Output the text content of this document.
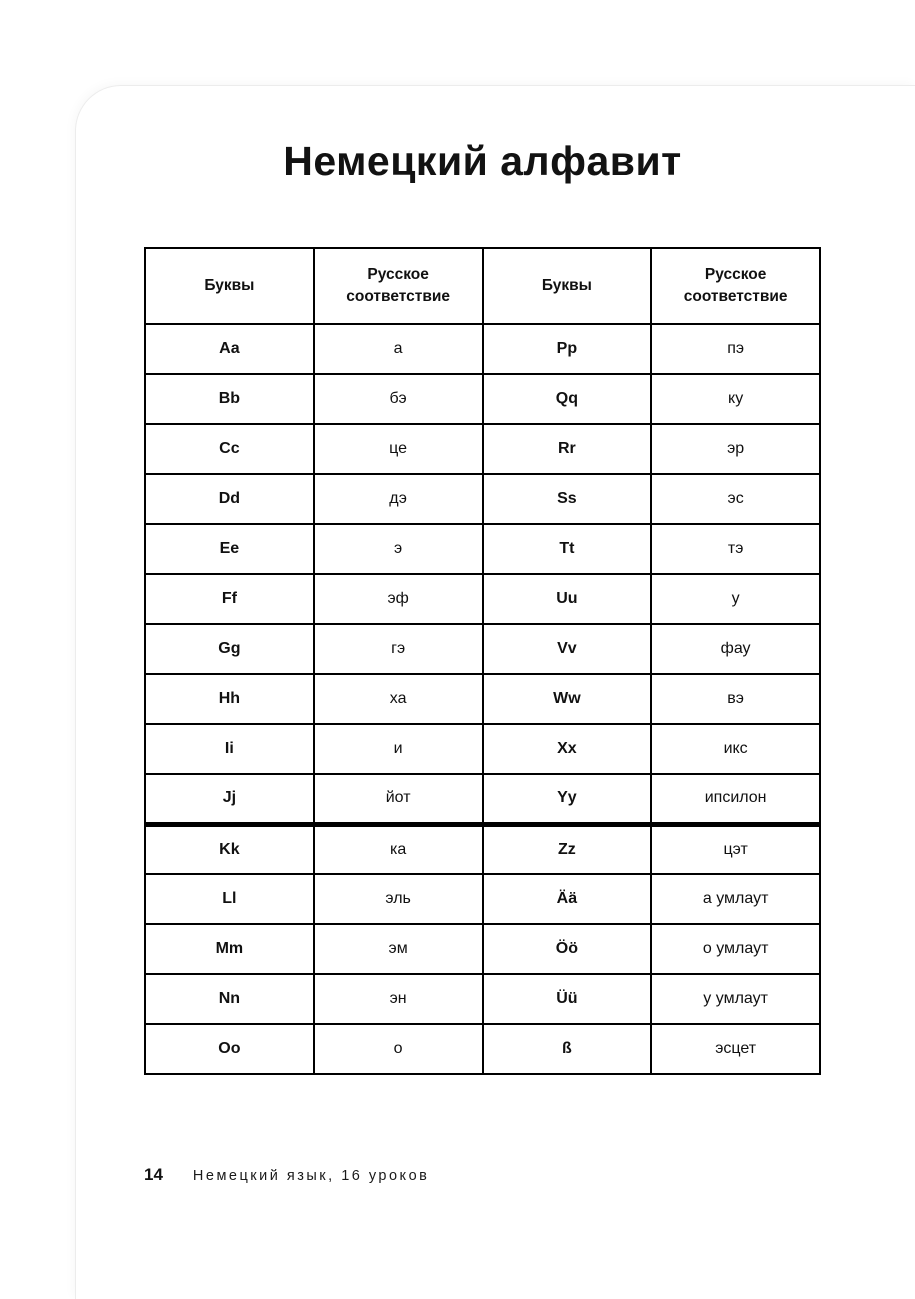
Немецкий алфавит
Буквы	Русское соответствие	Буквы	Русское соответствие
Aa	а	Pp	пэ
Bb	бэ	Qq	ку
Cc	це	Rr	эр
Dd	дэ	Ss	эс
Ee	э	Tt	тэ
Ff	эф	Uu	у
Gg	гэ	Vv	фау
Hh	ха	Ww	вэ
Ii	и	Xx	икс
Jj	йот	Yy	ипсилон
Kk	ка	Zz	цэт
Ll	эль	Ää	а умлаут
Mm	эм	Öö	о умлаут
Nn	эн	Üü	у умлаут
Oo	о	ß	эсцет
14 Немецкий язык, 16 уроков
